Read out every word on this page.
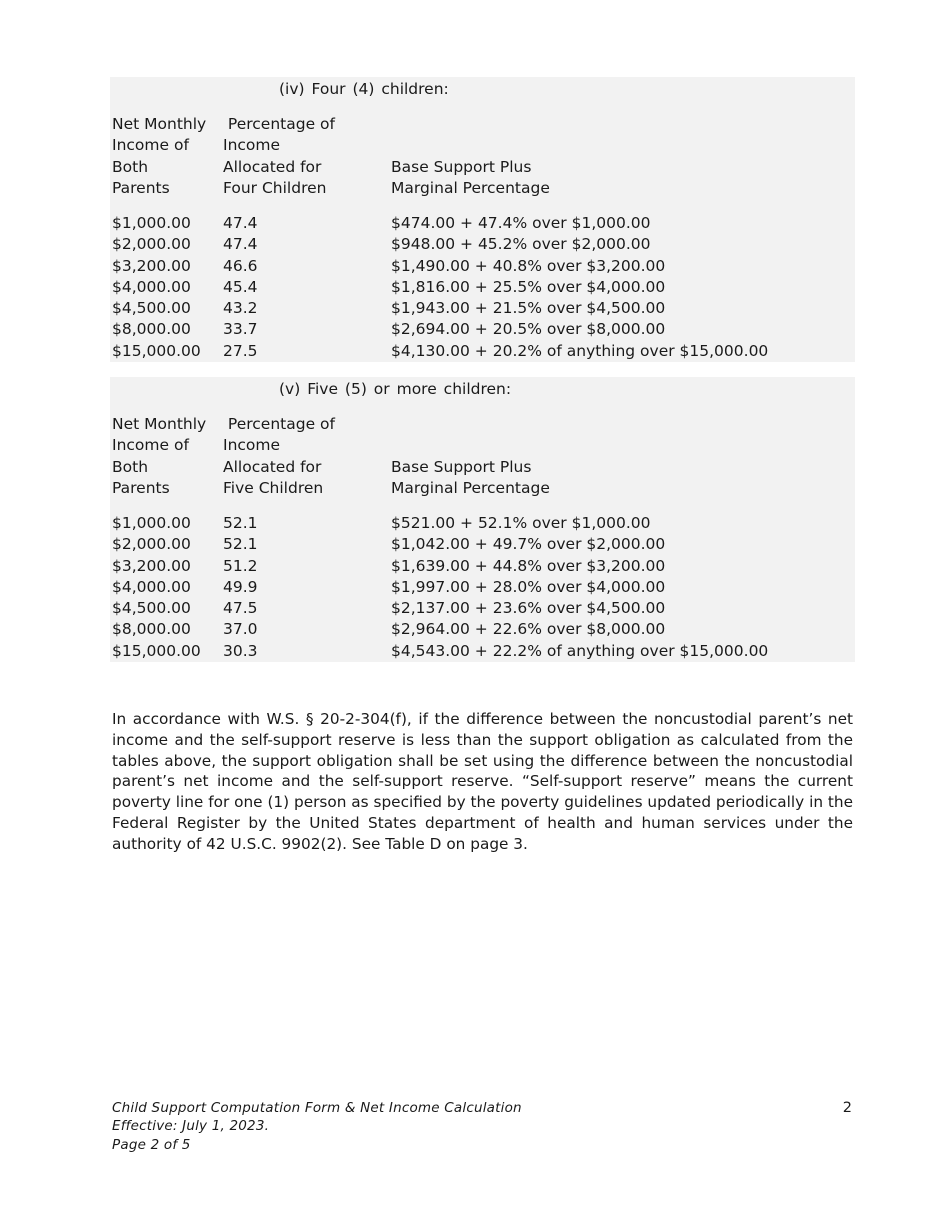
(iv) Four (4) children:
Net Monthly
Income of
Both
Parents
Percentage of
Income
Allocated for
Four Children
Base Support Plus
Marginal Percentage
$1,000.00 47.4	$474.00 + 47.4% over $1,000.00
$2,000.00 47.4	$948.00 + 45.2% over $2,000.00
$3,200.00 46.6	$1,490.00 + 40.8% over $3,200.00
$4,000.00 45.4	$1,816.00 + 25.5% over $4,000.00
$4,500.00 43.2	$1,943.00 + 21.5% over $4,500.00
$8,000.00 33.7	$2,694.00 + 20.5% over $8,000.00
$15,000.00 27.5	$4,130.00 + 20.2% of anything over $15,000.00
(v) Five (5) or more children:
Net Monthly
Income of
Both
Parents
Percentage of
Income
Allocated for
Five Children
Base Support Plus
Marginal Percentage
$1,000.00 52.1	$521.00 + 52.1% over $1,000.00
$2,000.00 52.1	$1,042.00 + 49.7% over $2,000.00
$3,200.00 51.2	$1,639.00 + 44.8% over $3,200.00
$4,000.00 49.9	$1,997.00 + 28.0% over $4,000.00
$4,500.00 47.5	$2,137.00 + 23.6% over $4,500.00
$8,000.00 37.0	$2,964.00 + 22.6% over $8,000.00
$15,000.00 30.3	$4,543.00 + 22.2% of anything over $15,000.00
In accordance with W.S. § 20-2-304(f), if the difference between the noncustodial parent’s net income and the self-support reserve is less than the support obligation as calculated from the tables above, the support obligation shall be set using the difference between the noncustodial parent’s net income and the self-support reserve. “Self-support reserve” means the current poverty line for one (1) person as specified by the poverty guidelines updated periodically in the Federal Register by the United States department of health and human services under the authority of 42 U.S.C. 9902(2). See Table D on page 3.
Child Support Computation Form & Net Income Calculation
Effective: July 1, 2023.
Page 2 of 5
2
